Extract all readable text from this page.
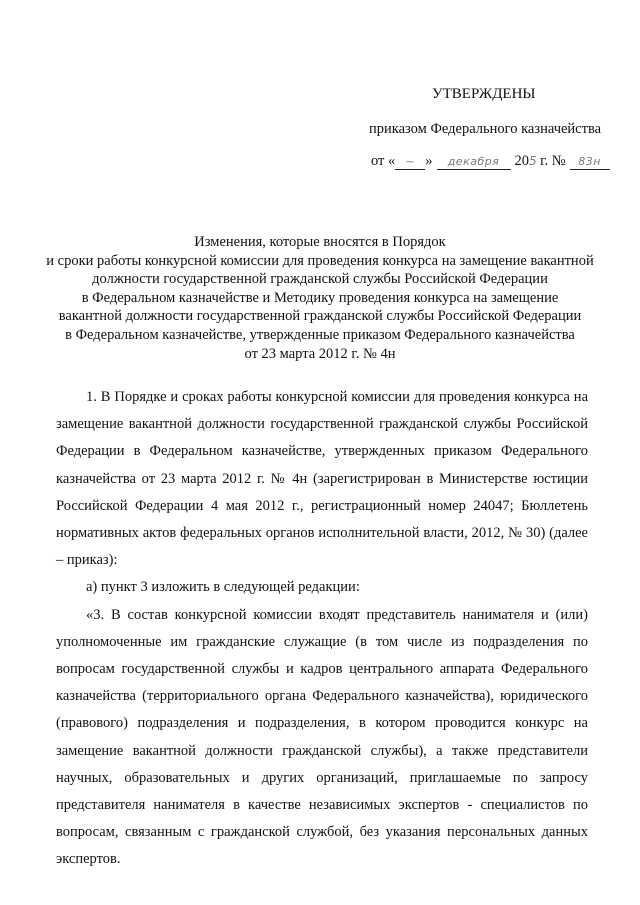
УТВЕРЖДЕНЫ
приказом Федерального казначейства
от « ~ »	декабря	20 5 г. №	83н
Изменения, которые вносятся в Порядок
и сроки работы конкурсной комиссии для проведения конкурса на замещение вакантной
должности государственной гражданской службы Российской Федерации
в Федеральном казначействе и Методику проведения конкурса на замещение
вакантной должности государственной гражданской службы Российской Федерации
в Федеральном казначействе, утвержденные приказом Федерального казначейства
от 23 марта 2012 г. № 4н

1. В Порядке и сроках работы конкурсной комиссии для проведения конкурса на замещение вакантной должности государственной гражданской службы Российской Федерации в Федеральном казначействе, утвержденных приказом Федерального казначейства от 23 марта 2012 г. № 4н (зарегистрирован в Министерстве юстиции Российской Федерации 4 мая 2012 г., регистрационный номер 24047; Бюллетень нормативных актов федеральных органов исполнительной власти, 2012, № 30) (далее – приказ):

а) пункт 3 изложить в следующей редакции:

«3. В состав конкурсной комиссии входят представитель нанимателя и (или) уполномоченные им гражданские служащие (в том числе из подразделения по вопросам государственной службы и кадров центрального аппарата Федерального казначейства (территориального органа Федерального казначейства), юридического (правового) подразделения и подразделения, в котором проводится конкурс на замещение вакантной должности гражданской службы), а также представители научных, образовательных и других организаций, приглашаемые по запросу представителя нанимателя в качестве независимых экспертов - специалистов по вопросам, связанным с гражданской службой, без указания персональных данных экспертов.
